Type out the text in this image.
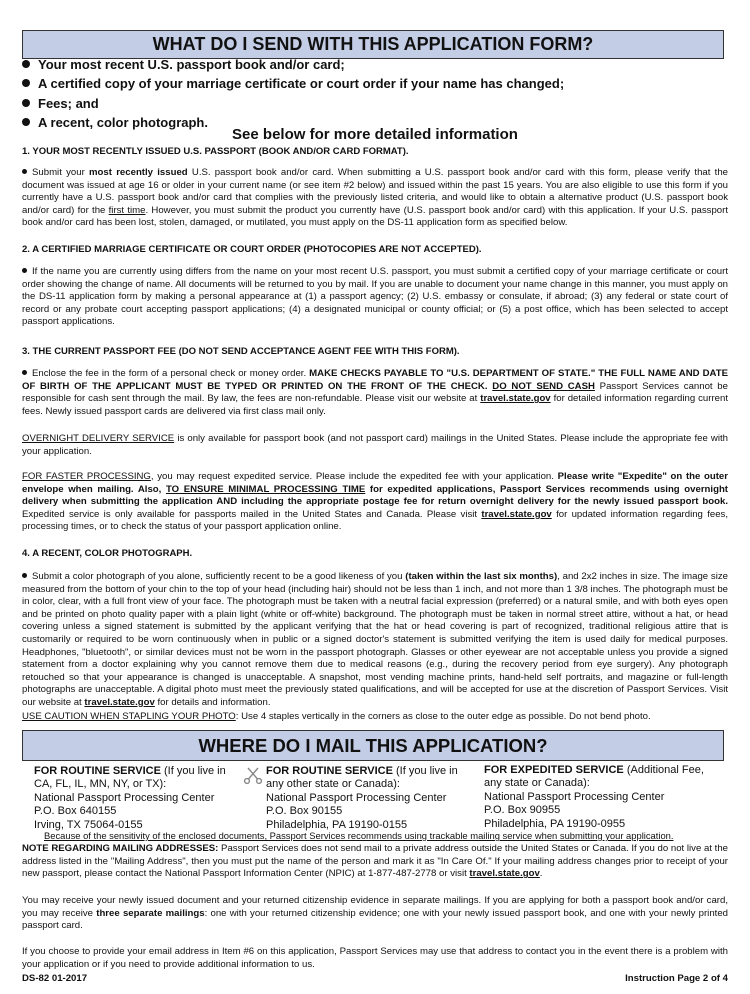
WHAT DO I SEND WITH THIS APPLICATION FORM?
Your most recent U.S. passport book and/or card;
A certified copy of your marriage certificate or court order if your name has changed;
Fees; and
A recent, color photograph.
See below for more detailed information
1. YOUR MOST RECENTLY ISSUED U.S. PASSPORT (BOOK AND/OR CARD FORMAT).
Submit your most recently issued U.S. passport book and/or card. When submitting a U.S. passport book and/or card with this form, please verify that the document was issued at age 16 or older in your current name (or see item #2 below) and issued within the past 15 years. You are also eligible to use this form if you currently have a U.S. passport book and/or card that complies with the previously listed criteria, and would like to obtain a alternative product (U.S. passport book and/or card) for the first time. However, you must submit the product you currently have (U.S. passport book and/or card) with this application. If your U.S. passport book and/or card has been lost, stolen, damaged, or mutilated, you must apply on the DS-11 application form as specified below.
2. A CERTIFIED MARRIAGE CERTIFICATE OR COURT ORDER (PHOTOCOPIES ARE NOT ACCEPTED).
If the name you are currently using differs from the name on your most recent U.S. passport, you must submit a certified copy of your marriage certificate or court order showing the change of name. All documents will be returned to you by mail. If you are unable to document your name change in this manner, you must apply on the DS-11 application form by making a personal appearance at (1) a passport agency; (2) U.S. embassy or consulate, if abroad; (3) any federal or state court of record or any probate court accepting passport applications; (4) a designated municipal or county official; or (5) a post office, which has been selected to accept passport applications.
3. THE CURRENT PASSPORT FEE (DO NOT SEND ACCEPTANCE AGENT FEE WITH THIS FORM).
Enclose the fee in the form of a personal check or money order. MAKE CHECKS PAYABLE TO "U.S. DEPARTMENT OF STATE." THE FULL NAME AND DATE OF BIRTH OF THE APPLICANT MUST BE TYPED OR PRINTED ON THE FRONT OF THE CHECK. DO NOT SEND CASH Passport Services cannot be responsible for cash sent through the mail. By law, the fees are non-refundable. Please visit our website at travel.state.gov for detailed information regarding current fees. Newly issued passport cards are delivered via first class mail only.
OVERNIGHT DELIVERY SERVICE is only available for passport book (and not passport card) mailings in the United States. Please include the appropriate fee with your application.
FOR FASTER PROCESSING, you may request expedited service. Please include the expedited fee with your application. Please write "Expedite" on the outer envelope when mailing. Also, TO ENSURE MINIMAL PROCESSING TIME for expedited applications, Passport Services recommends using overnight delivery when submitting the application AND including the appropriate postage fee for return overnight delivery for the newly issued passport book. Expedited service is only available for passports mailed in the United States and Canada. Please visit travel.state.gov for updated information regarding fees, processing times, or to check the status of your passport application online.
4. A RECENT, COLOR PHOTOGRAPH.
Submit a color photograph of you alone, sufficiently recent to be a good likeness of you (taken within the last six months), and 2x2 inches in size. The image size measured from the bottom of your chin to the top of your head (including hair) should not be less than 1 inch, and not more than 1 3/8 inches. The photograph must be in color, clear, with a full front view of your face. The photograph must be taken with a neutral facial expression (preferred) or a natural smile, and with both eyes open and be printed on photo quality paper with a plain light (white or off-white) background. The photograph must be taken in normal street attire, without a hat, or head covering unless a signed statement is submitted by the applicant verifying that the hat or head covering is part of recognized, traditional religious attire that is customarily or required to be worn continuously when in public or a signed doctor's statement is submitted verifying the item is used daily for medical purposes. Headphones, "bluetooth", or similar devices must not be worn in the passport photograph. Glasses or other eyewear are not acceptable unless you provide a signed statement from a doctor explaining why you cannot remove them due to medical reasons (e.g., during the recovery period from eye surgery). Any photograph retouched so that your appearance is changed is unacceptable. A snapshot, most vending machine prints, hand-held self portraits, and magazine or full-length photographs are unacceptable. A digital photo must meet the previously stated qualifications, and will be accepted for use at the discretion of Passport Services. Visit our website at travel.state.gov for details and information.
USE CAUTION WHEN STAPLING YOUR PHOTO: Use 4 staples vertically in the corners as close to the outer edge as possible. Do not bend photo.
WHERE DO I MAIL THIS APPLICATION?
FOR ROUTINE SERVICE (If you live in CA, FL, IL, MN, NY, or TX):
National Passport Processing Center
P.O. Box 640155
Irving, TX 75064-0155
FOR ROUTINE SERVICE (If you live in any other state or Canada):
National Passport Processing Center
P.O. Box 90155
Philadelphia, PA 19190-0155
FOR EXPEDITED SERVICE (Additional Fee, any state or Canada):
National Passport Processing Center
P.O. Box 90955
Philadelphia, PA 19190-0955
Because of the sensitivity of the enclosed documents, Passport Services recommends using trackable mailing service when submitting your application.
NOTE REGARDING MAILING ADDRESSES: Passport Services does not send mail to a private address outside the United States or Canada. If you do not live at the address listed in the "Mailing Address", then you must put the name of the person and mark it as "In Care Of." If your mailing address changes prior to receipt of your new passport, please contact the National Passport Information Center (NPIC) at 1-877-487-2778 or visit travel.state.gov.
You may receive your newly issued document and your returned citizenship evidence in separate mailings. If you are applying for both a passport book and/or card, you may receive three separate mailings: one with your returned citizenship evidence; one with your newly issued passport book, and one with your newly printed passport card.
If you choose to provide your email address in Item #6 on this application, Passport Services may use that address to contact you in the event there is a problem with your application or if you need to provide additional information to us.
DS-82 01-2017	Instruction Page 2 of 4
